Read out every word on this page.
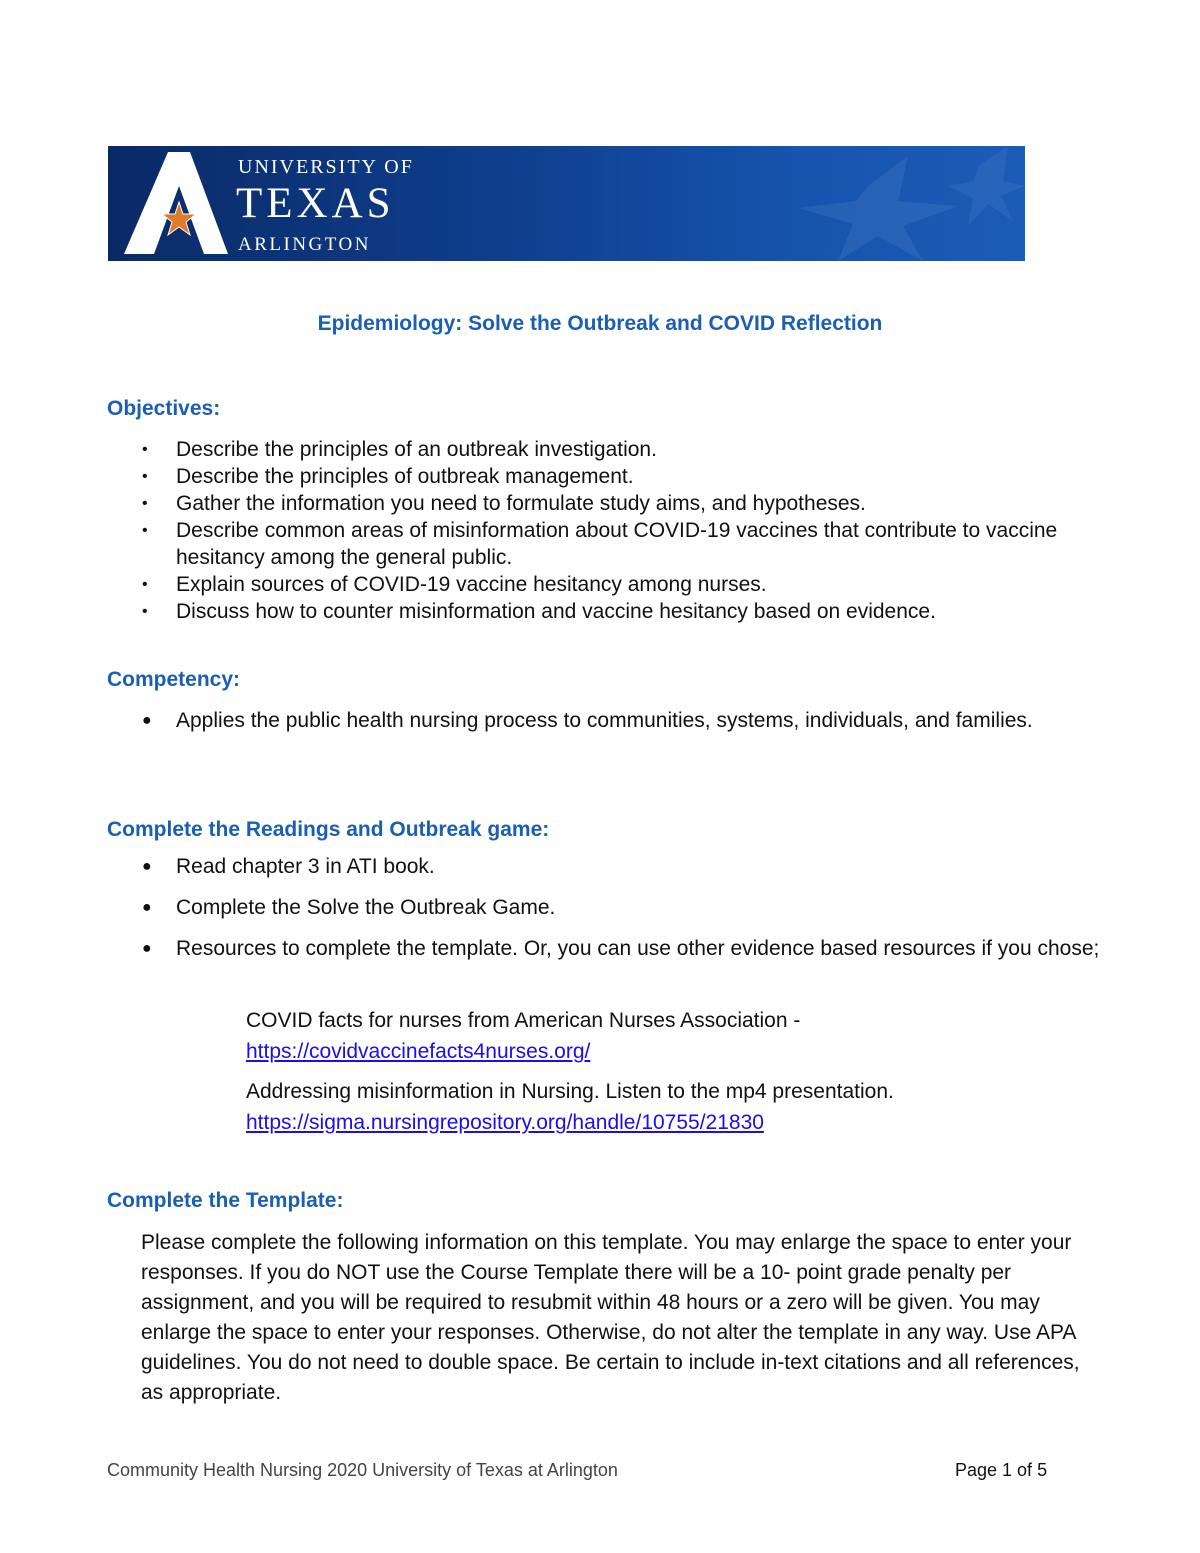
UNIVERSITY OF
TEXAS
ARLINGTON
Epidemiology: Solve the Outbreak and COVID Reflection
Objectives:
• Describe the principles of an outbreak investigation.
• Describe the principles of outbreak management.
• Gather the information you need to formulate study aims, and hypotheses.
• Describe common areas of misinformation about COVID-19 vaccines that contribute to vaccine hesitancy among the general public.
• Explain sources of COVID-19 vaccine hesitancy among nurses.
• Discuss how to counter misinformation and vaccine hesitancy based on evidence.
Competency:
● Applies the public health nursing process to communities, systems, individuals, and families.
Complete the Readings and Outbreak game:
● Read chapter 3 in ATI book.
● Complete the Solve the Outbreak Game.
● Resources to complete the template. Or, you can use other evidence based resources if you chose;
COVID facts for nurses from American Nurses Association -
https://covidvaccinefacts4nurses.org/
Addressing misinformation in Nursing. Listen to the mp4 presentation.
https://sigma.nursingrepository.org/handle/10755/21830
Complete the Template:
Please complete the following information on this template. You may enlarge the space to enter your responses. If you do NOT use the Course Template there will be a 10- point grade penalty per assignment, and you will be required to resubmit within 48 hours or a zero will be given. You may enlarge the space to enter your responses. Otherwise, do not alter the template in any way. Use APA guidelines. You do not need to double space. Be certain to include in-text citations and all references, as appropriate.
Community Health Nursing 2020 University of Texas at Arlington	Page 1 of 5
